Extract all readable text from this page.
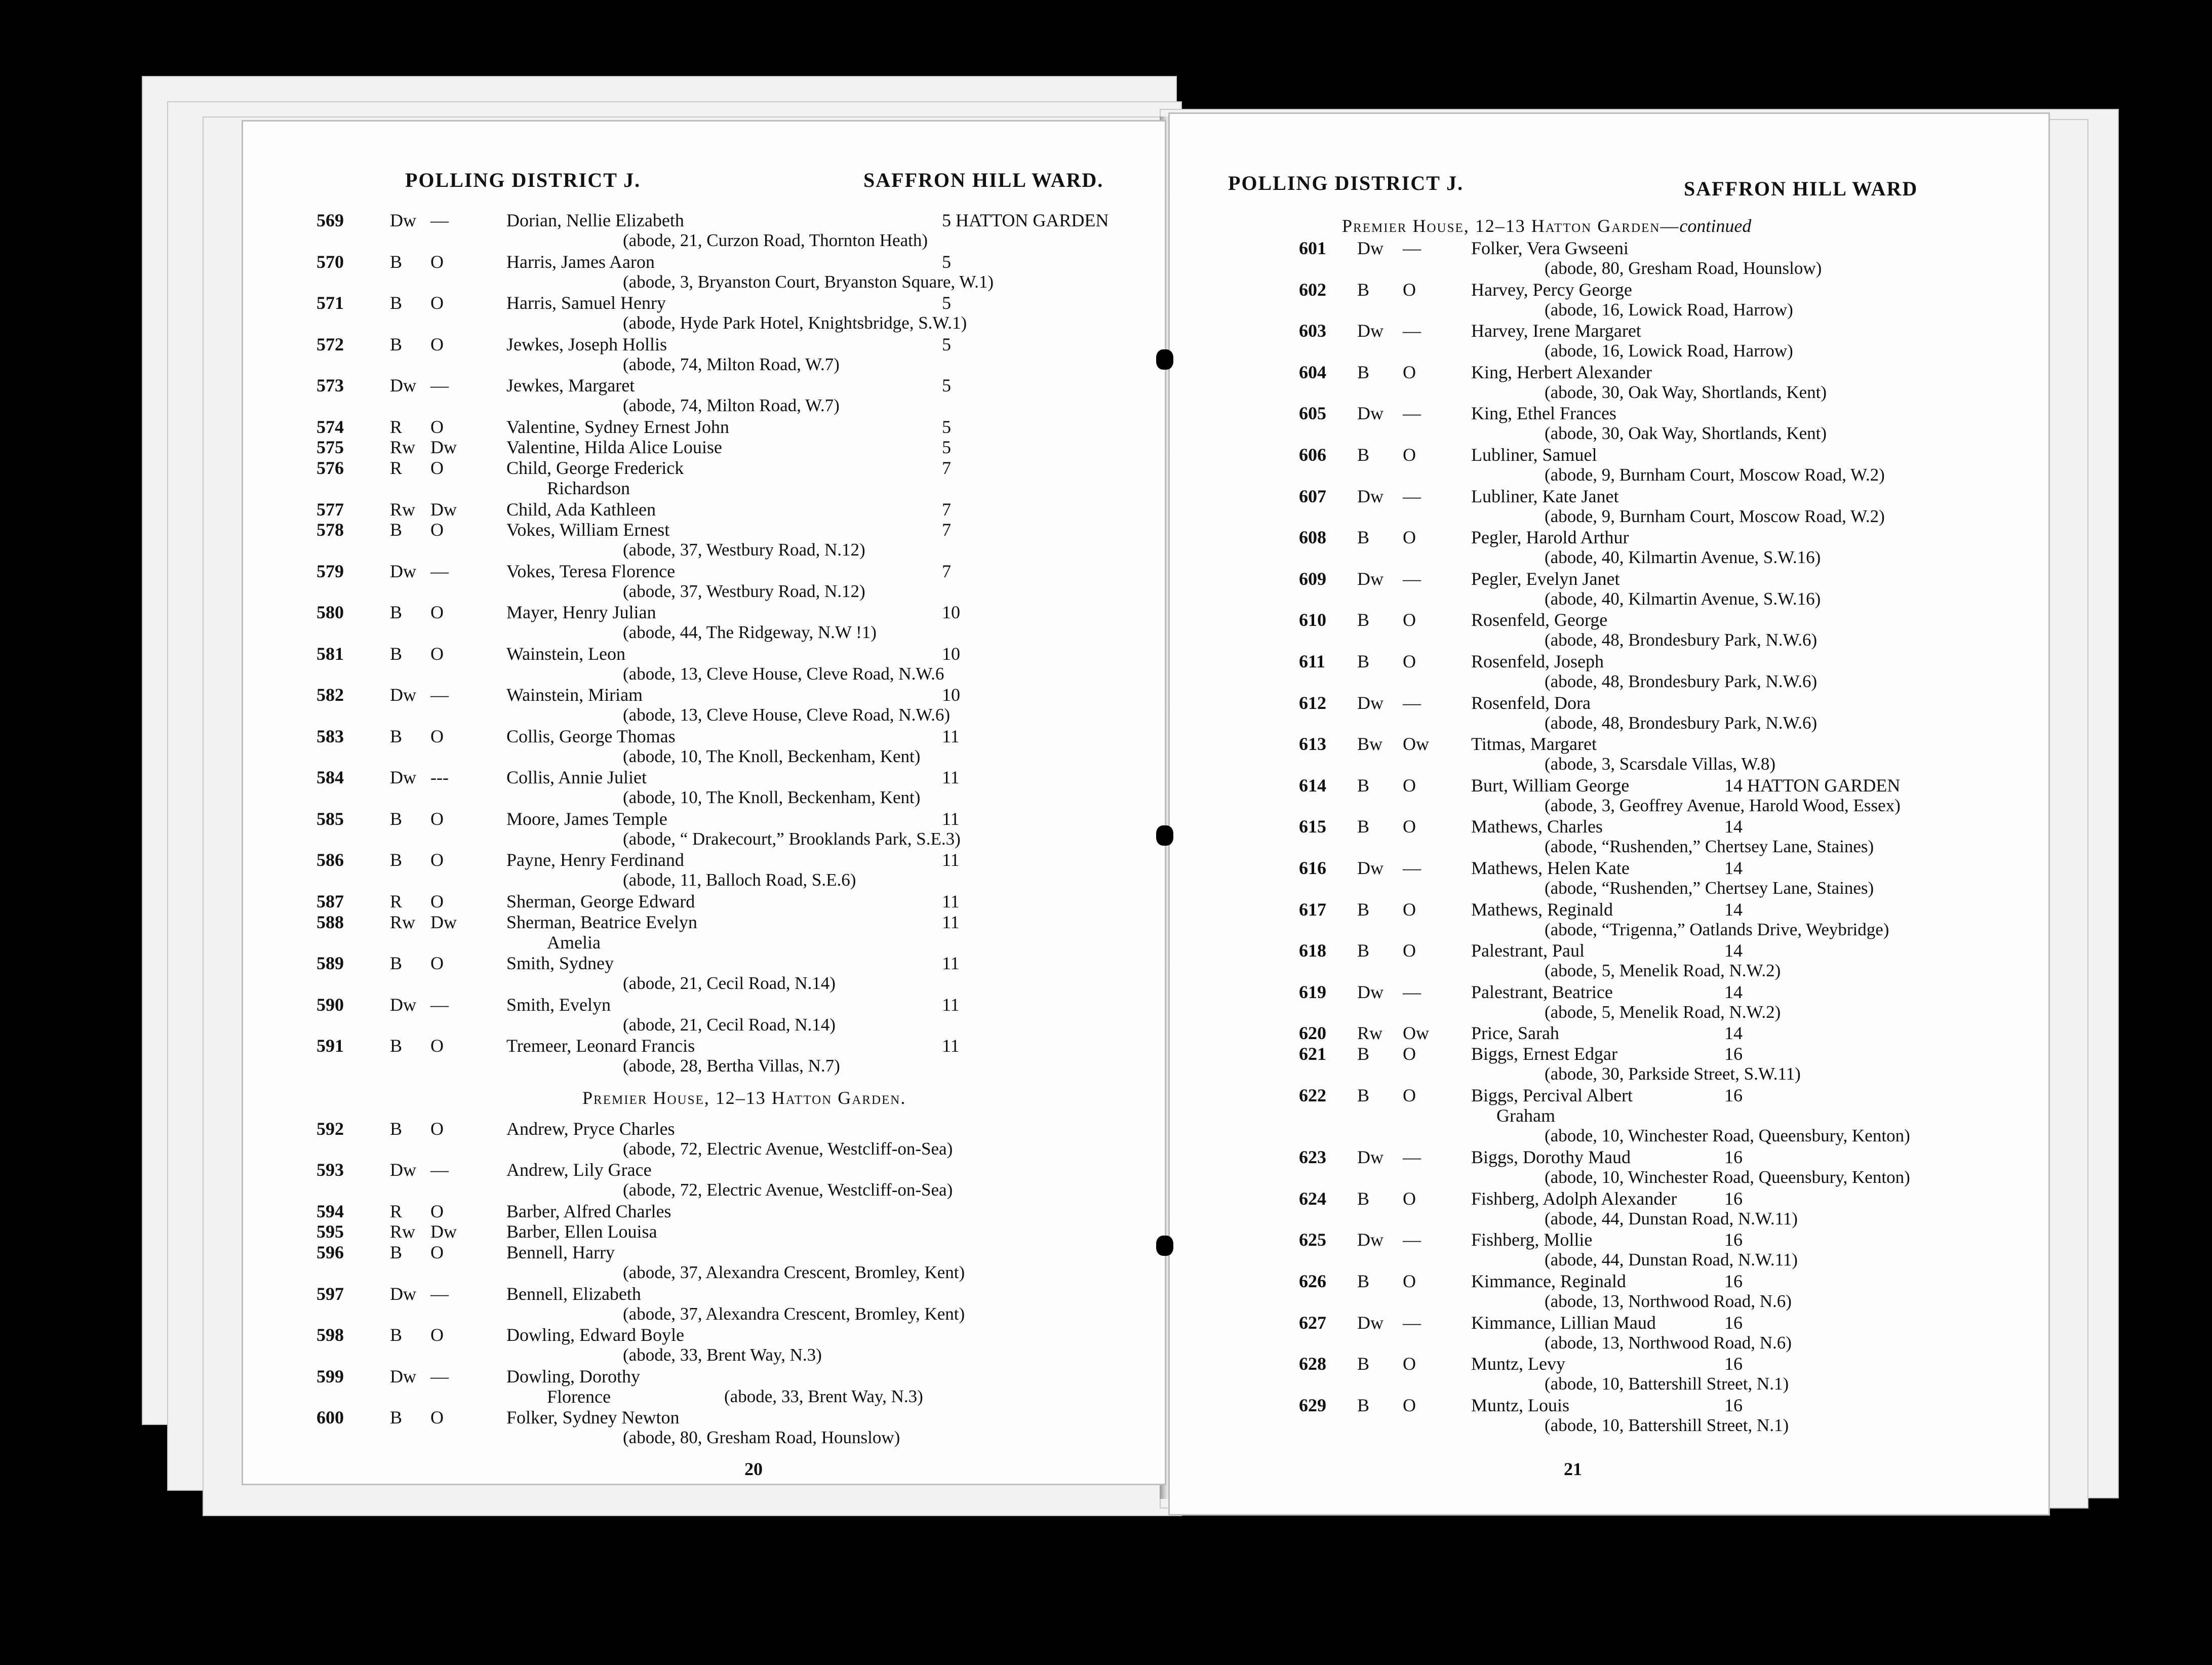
POLLING DISTRICT J.	SAFFRON HILL WARD.
569	Dw —	Dorian, Nellie Elizabeth	5 HATTON GARDEN
(abode, 21, Curzon Road, Thornton Heath)
570	B O	Harris, James Aaron	5
(abode, 3, Bryanston Court, Bryanston Square, W.1)
571	B O	Harris, Samuel Henry	5
(abode, Hyde Park Hotel, Knightsbridge, S.W.1)
572	B O	Jewkes, Joseph Hollis	5
(abode, 74, Milton Road, W.7)
573	Dw —	Jewkes, Margaret	5
(abode, 74, Milton Road, W.7)
574	R O	Valentine, Sydney Ernest John	5
575	Rw Dw	Valentine, Hilda Alice Louise	5
576	R O	Child, George Frederick	7
Richardson
577	Rw Dw	Child, Ada Kathleen	7
578	B O	Vokes, William Ernest	7
(abode, 37, Westbury Road, N.12)
579	Dw —	Vokes, Teresa Florence	7
(abode, 37, Westbury Road, N.12)
580	B O	Mayer, Henry Julian	10
(abode, 44, The Ridgeway, N.W !1)
581	B O	Wainstein, Leon	10
(abode, 13, Cleve House, Cleve Road, N.W.6
582	Dw —	Wainstein, Miriam	10
(abode, 13, Cleve House, Cleve Road, N.W.6)
583	B O	Collis, George Thomas	11
(abode, 10, The Knoll, Beckenham, Kent)
584	Dw ---	Collis, Annie Juliet	11
(abode, 10, The Knoll, Beckenham, Kent)
585	B O	Moore, James Temple	11
(abode, “ Drakecourt,” Brooklands Park, S.E.3)
586	B O	Payne, Henry Ferdinand	11
(abode, 11, Balloch Road, S.E.6)
587	R O	Sherman, George Edward	11
588	Rw Dw	Sherman, Beatrice Evelyn	11
Amelia
589	B O	Smith, Sydney	11
(abode, 21, Cecil Road, N.14)
590	Dw —	Smith, Evelyn	11
(abode, 21, Cecil Road, N.14)
591	B O	Tremeer, Leonard Francis	11
(abode, 28, Bertha Villas, N.7)
592	B O	Andrew, Pryce Charles
(abode, 72, Electric Avenue, Westcliff-on-Sea)
593	Dw —	Andrew, Lily Grace
(abode, 72, Electric Avenue, Westcliff-on-Sea)
594	R O	Barber, Alfred Charles
595	Rw Dw	Barber, Ellen Louisa
596	B O	Bennell, Harry
(abode, 37, Alexandra Crescent, Bromley, Kent)
597	Dw —	Bennell, Elizabeth
(abode, 37, Alexandra Crescent, Bromley, Kent)
598	B O	Dowling, Edward Boyle
(abode, 33, Brent Way, N.3)
599	Dw —	Dowling, Dorothy
Florence	(abode, 33, Brent Way, N.3)
600	B O	Folker, Sydney Newton
(abode, 80, Gresham Road, Hounslow)
Premier House, 12–13 Hatton Garden.
20
POLLING DISTRICT J.	SAFFRON HILL WARD
Premier House, 12–13 Hatton Garden—continued
601 Dw —	Folker, Vera Gwseeni
(abode, 80, Gresham Road, Hounslow)
602 B O	Harvey, Percy George
(abode, 16, Lowick Road, Harrow)
603 Dw —	Harvey, Irene Margaret
(abode, 16, Lowick Road, Harrow)
604 B O	King, Herbert Alexander
(abode, 30, Oak Way, Shortlands, Kent)
605 Dw —	King, Ethel Frances
(abode, 30, Oak Way, Shortlands, Kent)
606 B O	Lubliner, Samuel
(abode, 9, Burnham Court, Moscow Road, W.2)
607 Dw —	Lubliner, Kate Janet
(abode, 9, Burnham Court, Moscow Road, W.2)
608 B O	Pegler, Harold Arthur
(abode, 40, Kilmartin Avenue, S.W.16)
609 Dw —	Pegler, Evelyn Janet
(abode, 40, Kilmartin Avenue, S.W.16)
610 B O	Rosenfeld, George
(abode, 48, Brondesbury Park, N.W.6)
611 B O	Rosenfeld, Joseph
(abode, 48, Brondesbury Park, N.W.6)
612 Dw —	Rosenfeld, Dora
(abode, 48, Brondesbury Park, N.W.6)
613 Bw Ow Titmas, Margaret
(abode, 3, Scarsdale Villas, W.8)
614 B O	Burt, William George	14 HATTON GARDEN
(abode, 3, Geoffrey Avenue, Harold Wood, Essex)
615 B O	Mathews, Charles	14
(abode, “Rushenden,” Chertsey Lane, Staines)
616 Dw —	Mathews, Helen Kate	14
(abode, “Rushenden,” Chertsey Lane, Staines)
617 B O	Mathews, Reginald	14
(abode, “Trigenna,” Oatlands Drive, Weybridge)
618 B O	Palestrant, Paul	14
(abode, 5, Menelik Road, N.W.2)
619 Dw —	Palestrant, Beatrice	14
(abode, 5, Menelik Road, N.W.2)
620 Rw Ow Price, Sarah	14
621 B O	Biggs, Ernest Edgar	16
(abode, 30, Parkside Street, S.W.11)
622 B O	Biggs, Percival Albert	16
Graham
(abode, 10, Winchester Road, Queensbury, Kenton)
623 Dw —	Biggs, Dorothy Maud	16
(abode, 10, Winchester Road, Queensbury, Kenton)
624 B O	Fishberg, Adolph Alexander	16
(abode, 44, Dunstan Road, N.W.11)
625 Dw —	Fishberg, Mollie	16
(abode, 44, Dunstan Road, N.W.11)
626 B O	Kimmance, Reginald	16
(abode, 13, Northwood Road, N.6)
627 Dw —	Kimmance, Lillian Maud	16
(abode, 13, Northwood Road, N.6)
628 B O	Muntz, Levy	16
(abode, 10, Battershill Street, N.1)
629 B O	Muntz, Louis	16
(abode, 10, Battershill Street, N.1)
21
